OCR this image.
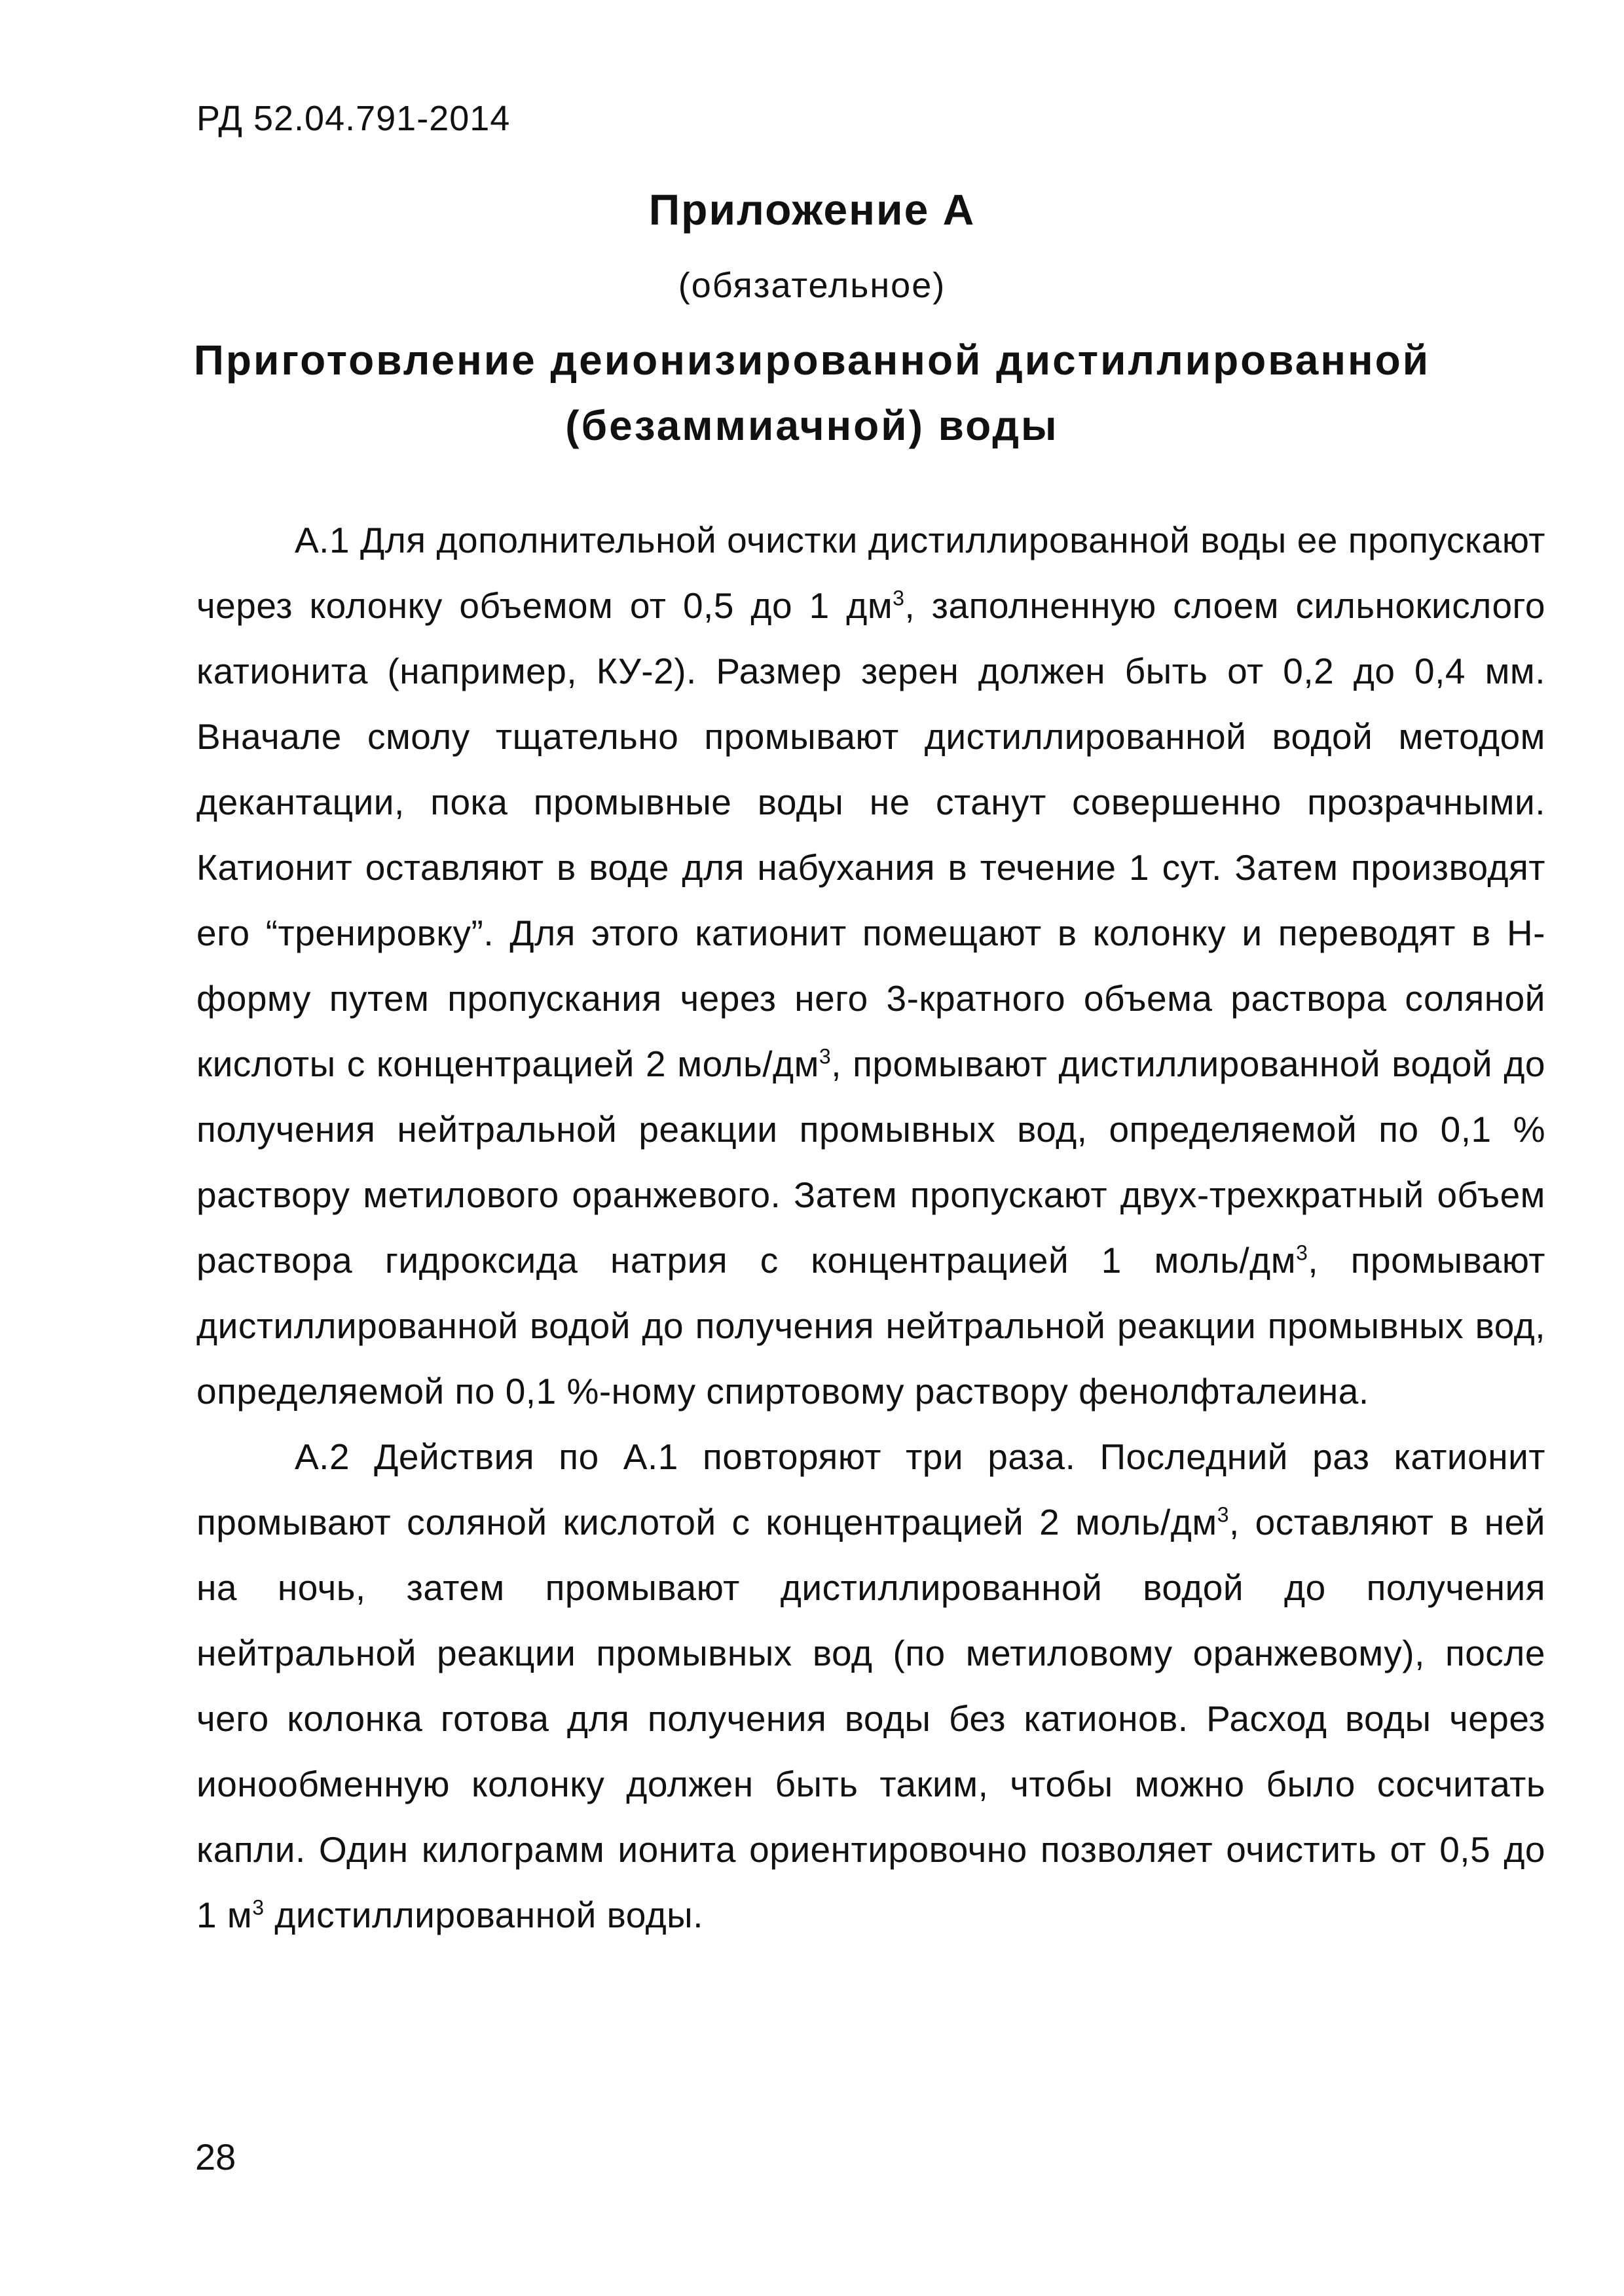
РД 52.04.791-2014
Приложение А
(обязательное)
Приготовление деионизированной дистиллированной
(безаммиачной) воды

А.1 Для дополнительной очистки дистиллированной воды ее пропускают через колонку объемом от 0,5 до 1 $дм^3$, заполненную слоем сильнокислого катионита (например, КУ-2). Размер зерен должен быть от 0,2 до 0,4 мм. Вначале смолу тщательно промывают дистиллированной водой методом декантации, пока промывные воды не станут совершенно прозрачными. Катионит оставляют в воде для набухания в течение 1 сут. Затем производят его “тренировку”. Для этого катионит помещают в колонку и переводят в Н-форму путем пропускания через него 3-кратного объема раствора соляной кислоты с концентрацией 2 моль/$дм^3$, промывают дистиллированной водой до получения нейтральной реакции промывных вод, определяемой по 0,1 % раствору метилового оранжевого. Затем пропускают двух-трехкратный объем раствора гидроксида натрия с концентрацией 1 моль/$дм^3$, промывают дистиллированной водой до получения нейтральной реакции промывных вод, определяемой по 0,1 %-ному спиртовому раствору фенолфталеина.

А.2 Действия по А.1 повторяют три раза. Последний раз катионит промывают соляной кислотой с концентрацией 2 моль/$дм^3$, оставляют в ней на ночь, затем промывают дистиллированной водой до получения нейтральной реакции промывных вод (по метиловому оранжевому), после чего колонка готова для получения воды без катионов. Расход воды через ионообменную колонку должен быть таким, чтобы можно было сосчитать капли. Один килограмм ионита ориентировочно позволяет очистить от 0,5 до 1 $м^3$ дистиллированной воды.

28
